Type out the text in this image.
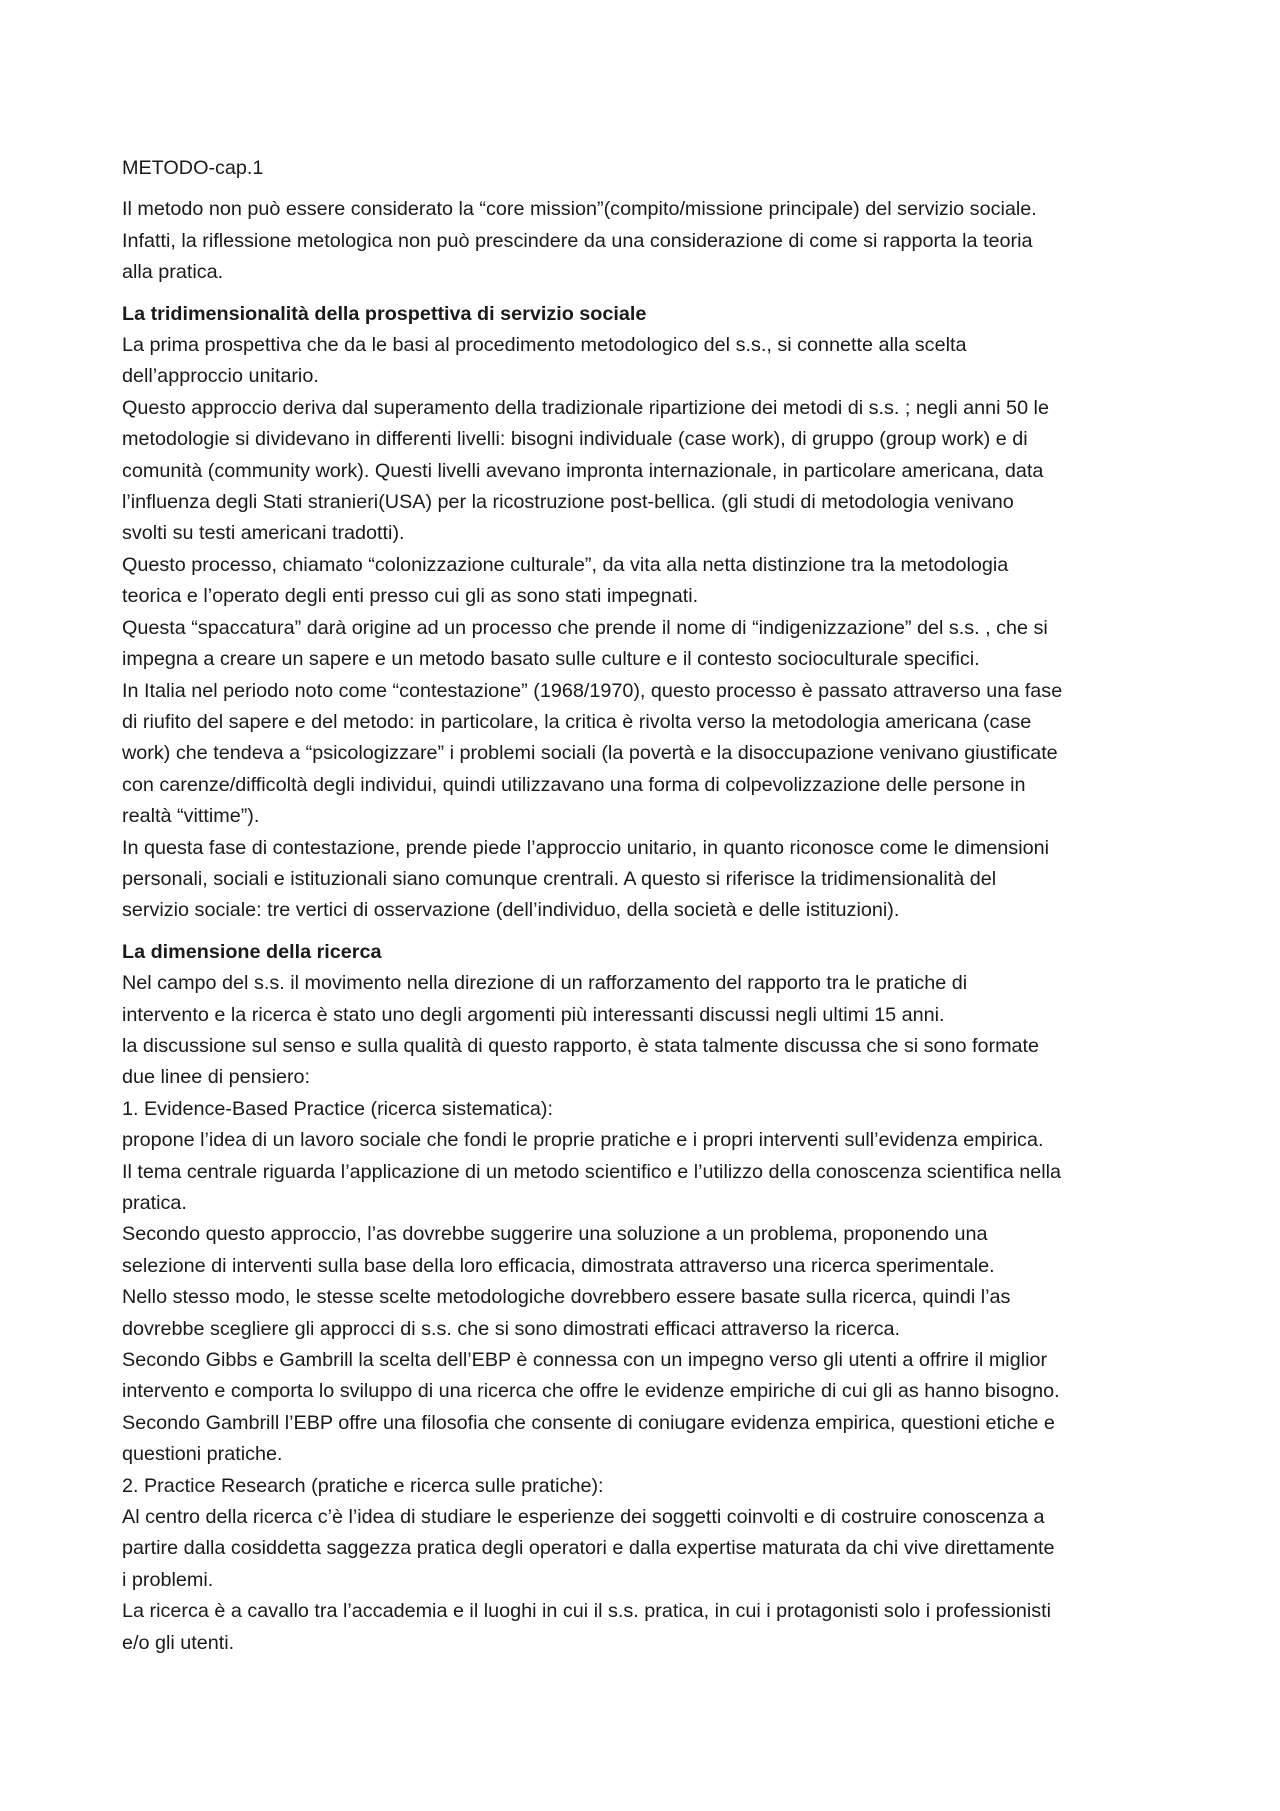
METODO-cap.1

Il metodo non può essere considerato la “core mission”(compito/missione principale) del servizio sociale.
Infatti, la riflessione metologica non può prescindere da una considerazione di come si rapporta la teoria
alla pratica.
La tridimensionalità della prospettiva di servizio sociale
La prima prospettiva che da le basi al procedimento metodologico del s.s., si connette alla scelta
dell’approccio unitario.
Questo approccio deriva dal superamento della tradizionale ripartizione dei metodi di s.s. ; negli anni 50 le
metodologie si dividevano in differenti livelli: bisogni individuale (case work), di gruppo (group work) e di
comunità (community work). Questi livelli avevano impronta internazionale, in particolare americana, data
l’influenza degli Stati stranieri(USA) per la ricostruzione post-bellica. (gli studi di metodologia venivano
svolti su testi americani tradotti).
Questo processo, chiamato “colonizzazione culturale”, da vita alla netta distinzione tra la metodologia
teorica e l’operato degli enti presso cui gli as sono stati impegnati.
Questa “spaccatura” darà origine ad un processo che prende il nome di “indigenizzazione” del s.s. , che si
impegna a creare un sapere e un metodo basato sulle culture e il contesto socioculturale specifici.
In Italia nel periodo noto come “contestazione” (1968/1970), questo processo è passato attraverso una fase
di riufito del sapere e del metodo: in particolare, la critica è rivolta verso la metodologia americana (case
work) che tendeva a “psicologizzare” i problemi sociali (la povertà e la disoccupazione venivano giustificate
con carenze/difficoltà degli individui, quindi utilizzavano una forma di colpevolizzazione delle persone in
realtà “vittime”).
In questa fase di contestazione, prende piede l’approccio unitario, in quanto riconosce come le dimensioni
personali, sociali e istituzionali siano comunque crentrali. A questo si riferisce la tridimensionalità del
servizio sociale: tre vertici di osservazione (dell’individuo, della società e delle istituzioni).
La dimensione della ricerca
Nel campo del s.s. il movimento nella direzione di un rafforzamento del rapporto tra le pratiche di
intervento e la ricerca è stato uno degli argomenti più interessanti discussi negli ultimi 15 anni.
la discussione sul senso e sulla qualità di questo rapporto, è stata talmente discussa che si sono formate
due linee di pensiero:
1. Evidence-Based Practice (ricerca sistematica):
propone l’idea di un lavoro sociale che fondi le proprie pratiche e i propri interventi sull’evidenza empirica.
Il tema centrale riguarda l’applicazione di un metodo scientifico e l’utilizzo della conoscenza scientifica nella
pratica.
Secondo questo approccio, l’as dovrebbe suggerire una soluzione a un problema, proponendo una
selezione di interventi sulla base della loro efficacia, dimostrata attraverso una ricerca sperimentale.
Nello stesso modo, le stesse scelte metodologiche dovrebbero essere basate sulla ricerca, quindi l’as
dovrebbe scegliere gli approcci di s.s. che si sono dimostrati efficaci attraverso la ricerca.
Secondo Gibbs e Gambrill la scelta dell’EBP è connessa con un impegno verso gli utenti a offrire il miglior
intervento e comporta lo sviluppo di una ricerca che offre le evidenze empiriche di cui gli as hanno bisogno.
Secondo Gambrill l’EBP offre una filosofia che consente di coniugare evidenza empirica, questioni etiche e
questioni pratiche.
2. Practice Research (pratiche e ricerca sulle pratiche):
Al centro della ricerca c’è l’idea di studiare le esperienze dei soggetti coinvolti e di costruire conoscenza a
partire dalla cosiddetta saggezza pratica degli operatori e dalla expertise maturata da chi vive direttamente
i problemi.
La ricerca è a cavallo tra l’accademia e il luoghi in cui il s.s. pratica, in cui i protagonisti solo i professionisti
e/o gli utenti.
